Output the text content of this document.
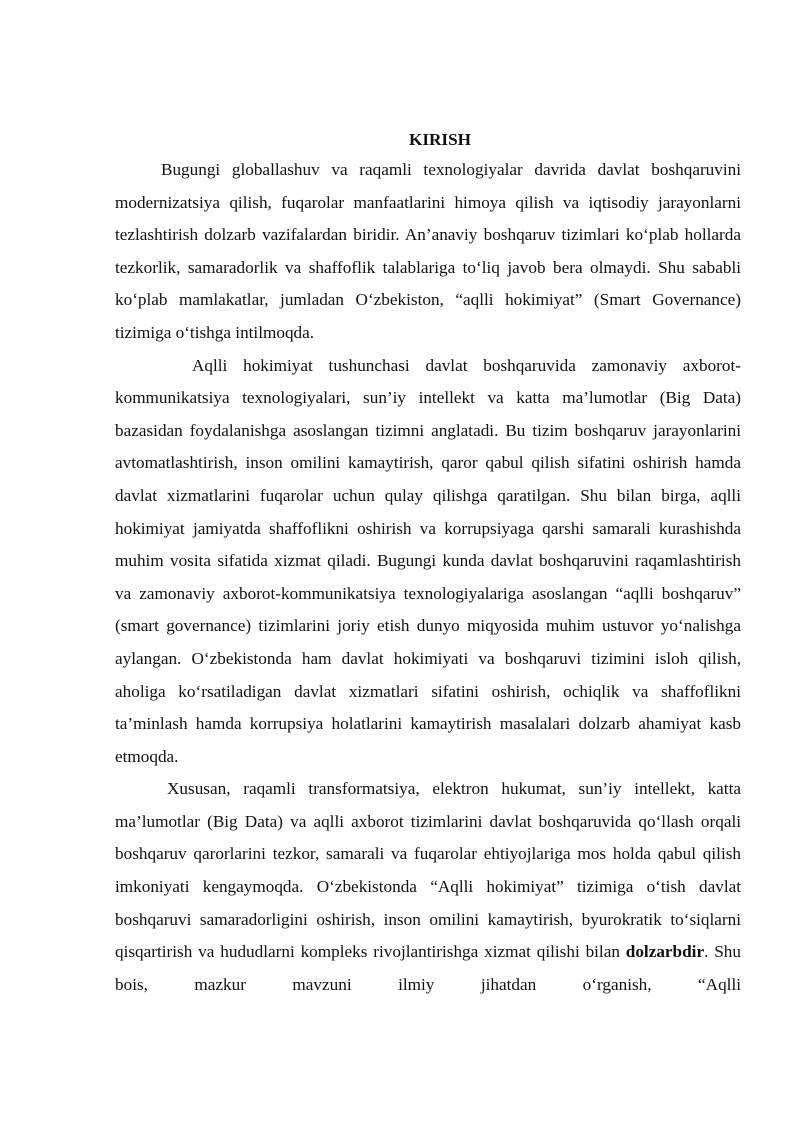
KIRISH

Bugungi globallashuv va raqamli texnologiyalar davrida davlat boshqaruvini modernizatsiya qilish, fuqarolar manfaatlarini himoya qilish va iqtisodiy jarayonlarni tezlashtirish dolzarb vazifalardan biridir. An’anaviy boshqaruv tizimlari ko‘plab hollarda tezkorlik, samaradorlik va shaffoflik talablariga to‘liq javob bera olmaydi. Shu sababli ko‘plab mamlakatlar, jumladan O‘zbekiston, “aqlli hokimiyat” (Smart Governance) tizimiga o‘tishga intilmoqda.

Aqlli hokimiyat tushunchasi davlat boshqaruvida zamonaviy axborot-kommunikatsiya texnologiyalari, sun’iy intellekt va katta ma’lumotlar (Big Data) bazasidan foydalanishga asoslangan tizimni anglatadi. Bu tizim boshqaruv jarayonlarini avtomatlashtirish, inson omilini kamaytirish, qaror qabul qilish sifatini oshirish hamda davlat xizmatlarini fuqarolar uchun qulay qilishga qaratilgan. Shu bilan birga, aqlli hokimiyat jamiyatda shaffoflikni oshirish va korrupsiyaga qarshi samarali kurashishda muhim vosita sifatida xizmat qiladi. Bugungi kunda davlat boshqaruvini raqamlashtirish va zamonaviy axborot-kommunikatsiya texnologiyalariga asoslangan “aqlli boshqaruv” (smart governance) tizimlarini joriy etish dunyo miqyosida muhim ustuvor yo‘nalishga aylangan. O‘zbekistonda ham davlat hokimiyati va boshqaruvi tizimini isloh qilish, aholiga ko‘rsatiladigan davlat xizmatlari sifatini oshirish, ochiqlik va shaffoflikni ta’minlash hamda korrupsiya holatlarini kamaytirish masalalari dolzarb ahamiyat kasb etmoqda.

Xususan, raqamli transformatsiya, elektron hukumat, sun’iy intellekt, katta ma’lumotlar (Big Data) va aqlli axborot tizimlarini davlat boshqaruvida qo‘llash orqali boshqaruv qarorlarini tezkor, samarali va fuqarolar ehtiyojlariga mos holda qabul qilish imkoniyati kengaymoqda. O‘zbekistonda “Aqlli hokimiyat” tizimiga o‘tish davlat boshqaruvi samaradorligini oshirish, inson omilini kamaytirish, byurokratik to‘siqlarni qisqartirish va hududlarni kompleks rivojlantirishga xizmat qilishi bilan dolzarbdir. Shu bois, mazkur mavzuni ilmiy jihatdan o‘rganish, “Aqlli
